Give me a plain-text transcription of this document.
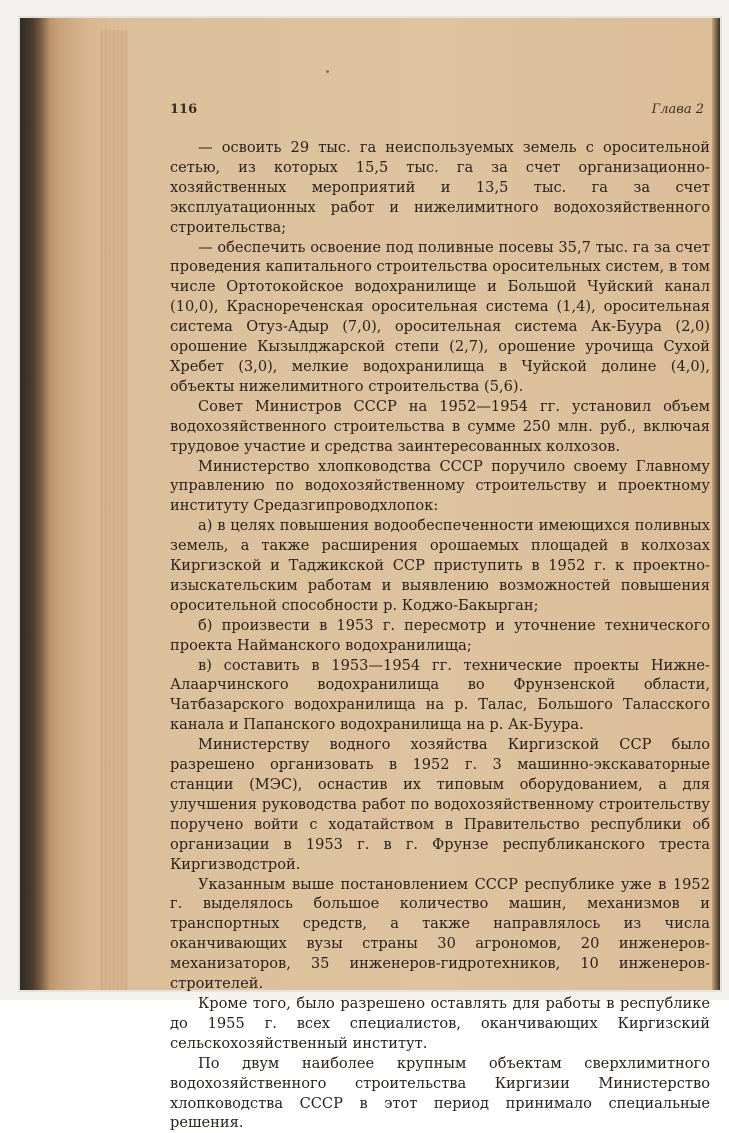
116	Глава 2

— освоить 29 тыс. га неиспользуемых земель с оросительной сетью, из которых 15,5 тыс. га за счет организационно-хозяйственных мероприятий и 13,5 тыс. га за счет эксплуатационных работ и нижелимитного водохозяйственного строительства;

— обеспечить освоение под поливные посевы 35,7 тыс. га за счет проведения капитального строительства оросительных систем, в том числе Ортотокойское водохранилище и Большой Чуйский канал (10,0), Краснореченская оросительная система (1,4), оросительная система Отуз-Адыр (7,0), оросительная система Ак-Буура (2,0) орошение Кызылджарской степи (2,7), орошение урочища Сухой Хребет (3,0), мелкие водохранилища в Чуйской долине (4,0), объекты нижелимитного строительства (5,6).

Совет Министров СССР на 1952—1954 гг. установил объем водохозяйственного строительства в сумме 250 млн. руб., включая трудовое участие и средства заинтересованных колхозов.

Министерство хлопководства СССР поручило своему Главному управлению по водохозяйственному строительству и проектному институту Средазгипроводхлопок:

а) в целях повышения водообеспеченности имеющихся поливных земель, а также расширения орошаемых площадей в колхозах Киргизской и Таджикской ССР приступить в 1952 г. к проектно-изыскательским работам и выявлению возможностей повышения оросительной способности р. Коджо-Бакырган;

б) произвести в 1953 г. пересмотр и уточнение технического проекта Найманского водохранилища;

в) составить в 1953—1954 гг. технические проекты Нижне-Алаарчинского водохранилища во Фрунзенской области, Чатбазарского водохранилища на р. Талас, Большого Таласского канала и Папанского водохранилища на р. Ак-Буура.

Министерству водного хозяйства Киргизской ССР было разрешено организовать в 1952 г. 3 машинно-экскаваторные станции (МЭС), оснастив их типовым оборудованием, а для улучшения руководства работ по водохозяйственному строительству поручено войти с ходатайством в Правительство республики об организации в 1953 г. в г. Фрунзе республиканского треста Киргизводстрой.

Указанным выше постановлением СССР республике уже в 1952 г. выделялось большое количество машин, механизмов и транспортных средств, а также направлялось из числа оканчивающих вузы страны 30 агрономов, 20 инженеров-механизаторов, 35 инженеров-гидротехников, 10 инженеров-строителей.

Кроме того, было разрешено оставлять для работы в республике до 1955 г. всех специалистов, оканчивающих Киргизский сельскохозяйственный институт.

По двум наиболее крупным объектам сверхлимитного водохозяйственного строительства Киргизии Министерство хлопководства СССР в этот период принимало специальные решения.
